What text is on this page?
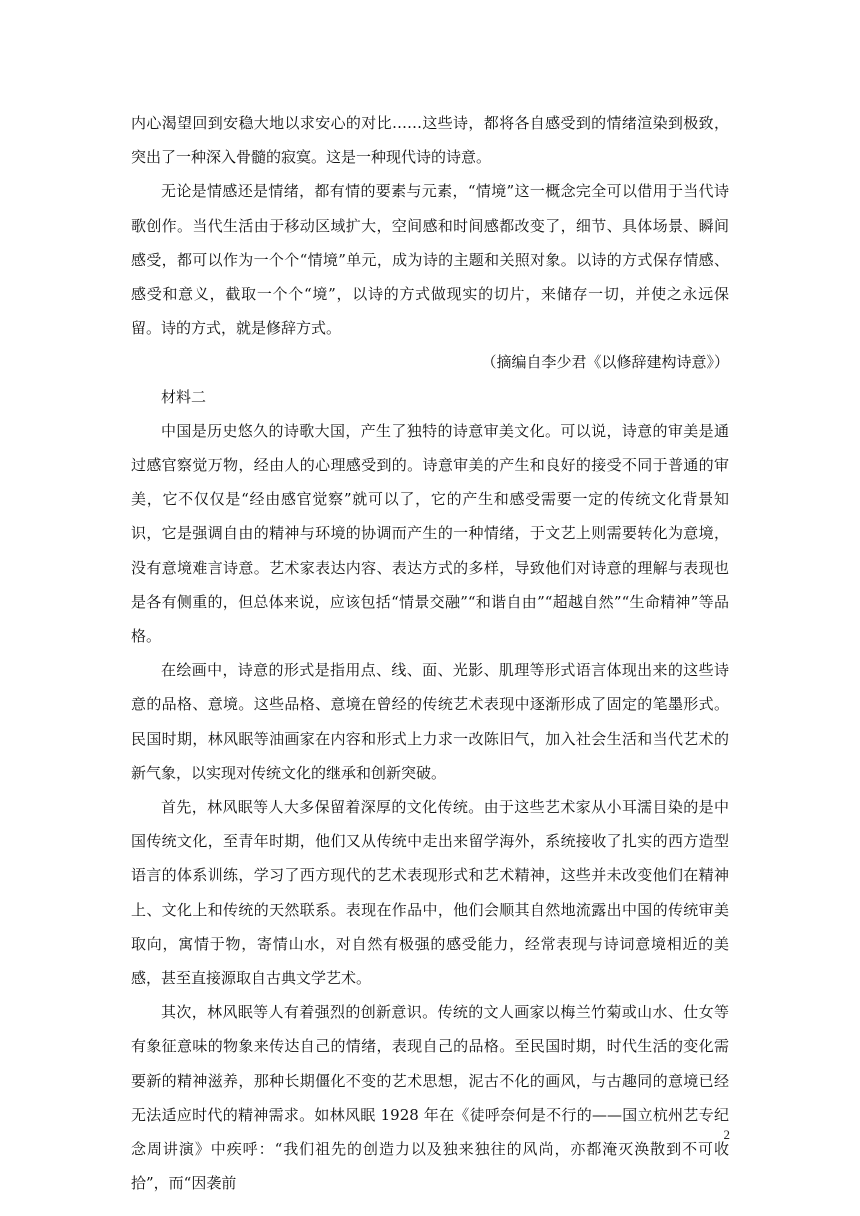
内心渴望回到安稳大地以求安心的对比……这些诗，都将各自感受到的情绪渲染到极致，突出了一种深入骨髓的寂寞。这是一种现代诗的诗意。

无论是情感还是情绪，都有情的要素与元素，“情境”这一概念完全可以借用于当代诗歌创作。当代生活由于移动区域扩大，空间感和时间感都改变了，细节、具体场景、瞬间感受，都可以作为一个个“情境”单元，成为诗的主题和关照对象。以诗的方式保存情感、感受和意义，截取一个个“境”，以诗的方式做现实的切片，来储存一切，并使之永远保留。诗的方式，就是修辞方式。

（摘编自李少君《以修辞建构诗意》）

材料二

中国是历史悠久的诗歌大国，产生了独特的诗意审美文化。可以说，诗意的审美是通过感官察觉万物，经由人的心理感受到的。诗意审美的产生和良好的接受不同于普通的审美，它不仅仅是“经由感官觉察”就可以了，它的产生和感受需要一定的传统文化背景知识，它是强调自由的精神与环境的协调而产生的一种情绪，于文艺上则需要转化为意境，没有意境难言诗意。艺术家表达内容、表达方式的多样，导致他们对诗意的理解与表现也是各有侧重的，但总体来说，应该包括“情景交融”“和谐自由”“超越自然”“生命精神”等品格。

在绘画中，诗意的形式是指用点、线、面、光影、肌理等形式语言体现出来的这些诗意的品格、意境。这些品格、意境在曾经的传统艺术表现中逐渐形成了固定的笔墨形式。民国时期，林风眠等油画家在内容和形式上力求一改陈旧气，加入社会生活和当代艺术的新气象，以实现对传统文化的继承和创新突破。

首先，林风眠等人大多保留着深厚的文化传统。由于这些艺术家从小耳濡目染的是中国传统文化，至青年时期，他们又从传统中走出来留学海外，系统接收了扎实的西方造型语言的体系训练，学习了西方现代的艺术表现形式和艺术精神，这些并未改变他们在精神上、文化上和传统的天然联系。表现在作品中，他们会顺其自然地流露出中国的传统审美取向，寓情于物，寄情山水，对自然有极强的感受能力，经常表现与诗词意境相近的美感，甚至直接源取自古典文学艺术。

其次，林风眠等人有着强烈的创新意识。传统的文人画家以梅兰竹菊或山水、仕女等有象征意味的物象来传达自己的情绪，表现自己的品格。至民国时期，时代生活的变化需要新的精神滋养，那种长期僵化不变的艺术思想，泥古不化的画风，与古趣同的意境已经无法适应时代的精神需求。如林风眠 1928 年在《徒呼奈何是不行的——国立杭州艺专纪念周讲演》中疾呼：“我们祖先的创造力以及独来独往的风尚，亦都淹灭涣散到不可收拾”，而“因袭前

2
